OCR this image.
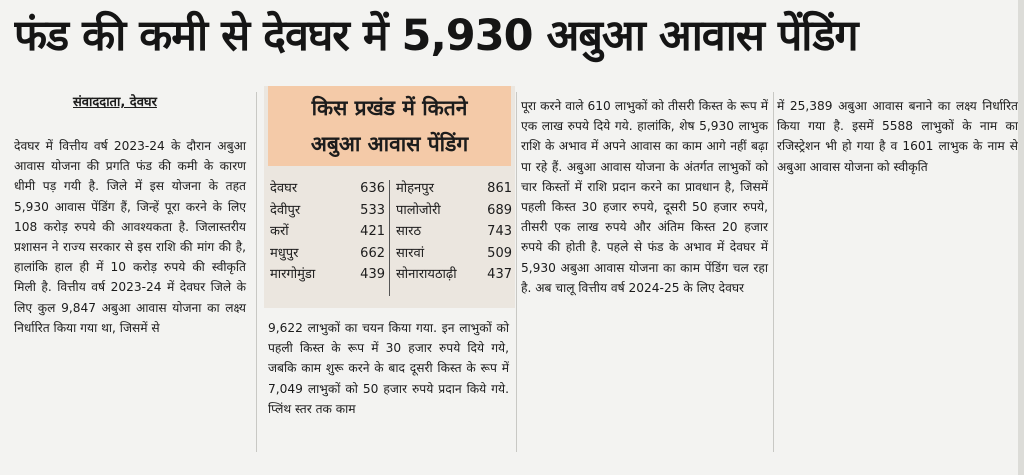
फंड की कमी से देवघर में 5,930 अबुआ आवास पेंडिंग
संवाददाता, देवघर
देवघर में वित्तीय वर्ष 2023-24 के दौरान अबुआ आवास योजना की प्रगति फंड की कमी के कारण धीमी पड़ गयी है. जिले में इस योजना के तहत 5,930 आवास पेंडिंग हैं, जिन्हें पूरा करने के लिए 108 करोड़ रुपये की आवश्यकता है. जिलास्तरीय प्रशासन ने राज्य सरकार से इस राशि की मांग की है, हालांकि हाल ही में 10 करोड़ रुपये की स्वीकृति मिली है. वित्तीय वर्ष 2023-24 में देवघर जिले के लिए कुल 9,847 अबुआ आवास योजना का लक्ष्य निर्धारित किया गया था, जिसमें से
किस प्रखंड में कितने
अबुआ आवास पेंडिंग
देवघर	636
देवीपुर	533
करों	421
मधुपुर	662
मारगोमुंडा	439
मोहनपुर	861
पालोजोरी	689
सारठ	743
सारवां	509
सोनारायठाढ़ी 437
9,622 लाभुकों का चयन किया गया. इन लाभुकों को पहली किस्त के रूप में 30 हजार रुपये दिये गये, जबकि काम शुरू करने के बाद दूसरी किस्त के रूप में 7,049 लाभुकों को 50 हजार रुपये प्रदान किये गये. प्लिंथ स्तर तक काम
पूरा करने वाले 610 लाभुकों को तीसरी किस्त के रूप में एक लाख रुपये दिये गये. हालांकि, शेष 5,930 लाभुक राशि के अभाव में अपने आवास का काम आगे नहीं बढ़ा पा रहे हैं. अबुआ आवास योजना के अंतर्गत लाभुकों को चार किस्तों में राशि प्रदान करने का प्रावधान है, जिसमें पहली किस्त 30 हजार रुपये, दूसरी 50 हजार रुपये, तीसरी एक लाख रुपये और अंतिम किस्त 20 हजार रुपये की होती है. पहले से फंड के अभाव में देवघर में 5,930 अबुआ आवास योजना का काम पेंडिंग चल रहा है. अब चालू वित्तीय वर्ष 2024-25 के लिए देवघर
में 25,389 अबुआ आवास बनाने का लक्ष्य निर्धारित किया गया है. इसमें 5588 लाभुकों के नाम का रजिस्ट्रेशन भी हो गया है व 1601 लाभुक के नाम से अबुआ आवास योजना को स्वीकृति
